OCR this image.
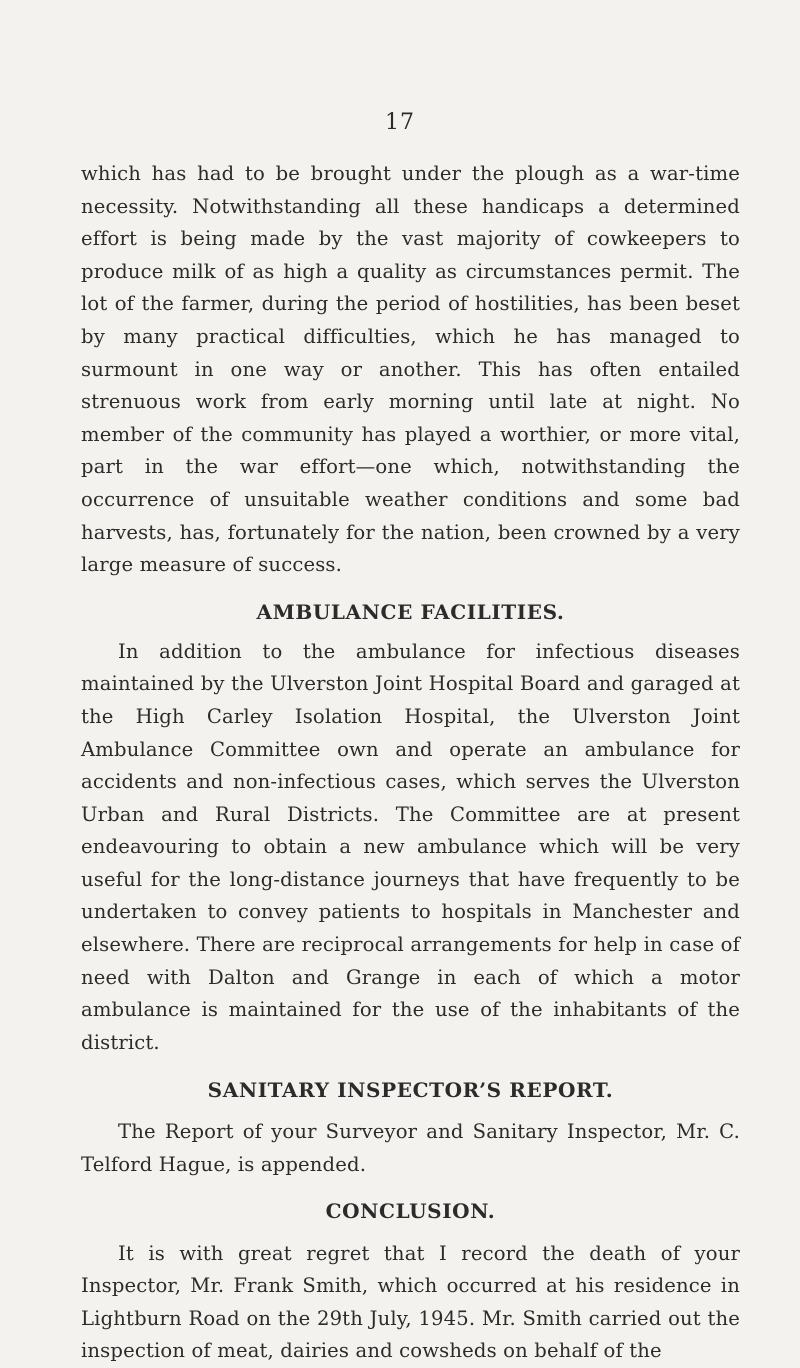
17

which has had to be brought under the plough as a war-time necessity. Notwithstanding all these handicaps a determined effort is being made by the vast majority of cowkeepers to produce milk of as high a quality as circumstances permit. The lot of the farmer, during the period of hostilities, has been beset by many practical difficulties, which he has managed to surmount in one way or another. This has often entailed strenuous work from early morning until late at night. No member of the community has played a worthier, or more vital, part in the war effort—one which, notwithstanding the occurrence of unsuitable weather conditions and some bad harvests, has, fortunately for the nation, been crowned by a very large measure of success.

AMBULANCE FACILITIES.

In addition to the ambulance for infectious diseases maintained by the Ulverston Joint Hospital Board and garaged at the High Carley Isolation Hospital, the Ulverston Joint Ambulance Committee own and operate an ambulance for accidents and non-infectious cases, which serves the Ulverston Urban and Rural Districts. The Committee are at present endeavouring to obtain a new ambulance which will be very useful for the long-distance journeys that have frequently to be undertaken to convey patients to hospitals in Manchester and elsewhere. There are reciprocal arrangements for help in case of need with Dalton and Grange in each of which a motor ambulance is maintained for the use of the inhabitants of the district.

SANITARY INSPECTOR’S REPORT.

The Report of your Surveyor and Sanitary Inspector, Mr. C. Telford Hague, is appended.

CONCLUSION.

It is with great regret that I record the death of your Inspector, Mr. Frank Smith, which occurred at his residence in Lightburn Road on the 29th July, 1945. Mr. Smith carried out the inspection of meat, dairies and cowsheds on behalf of the
